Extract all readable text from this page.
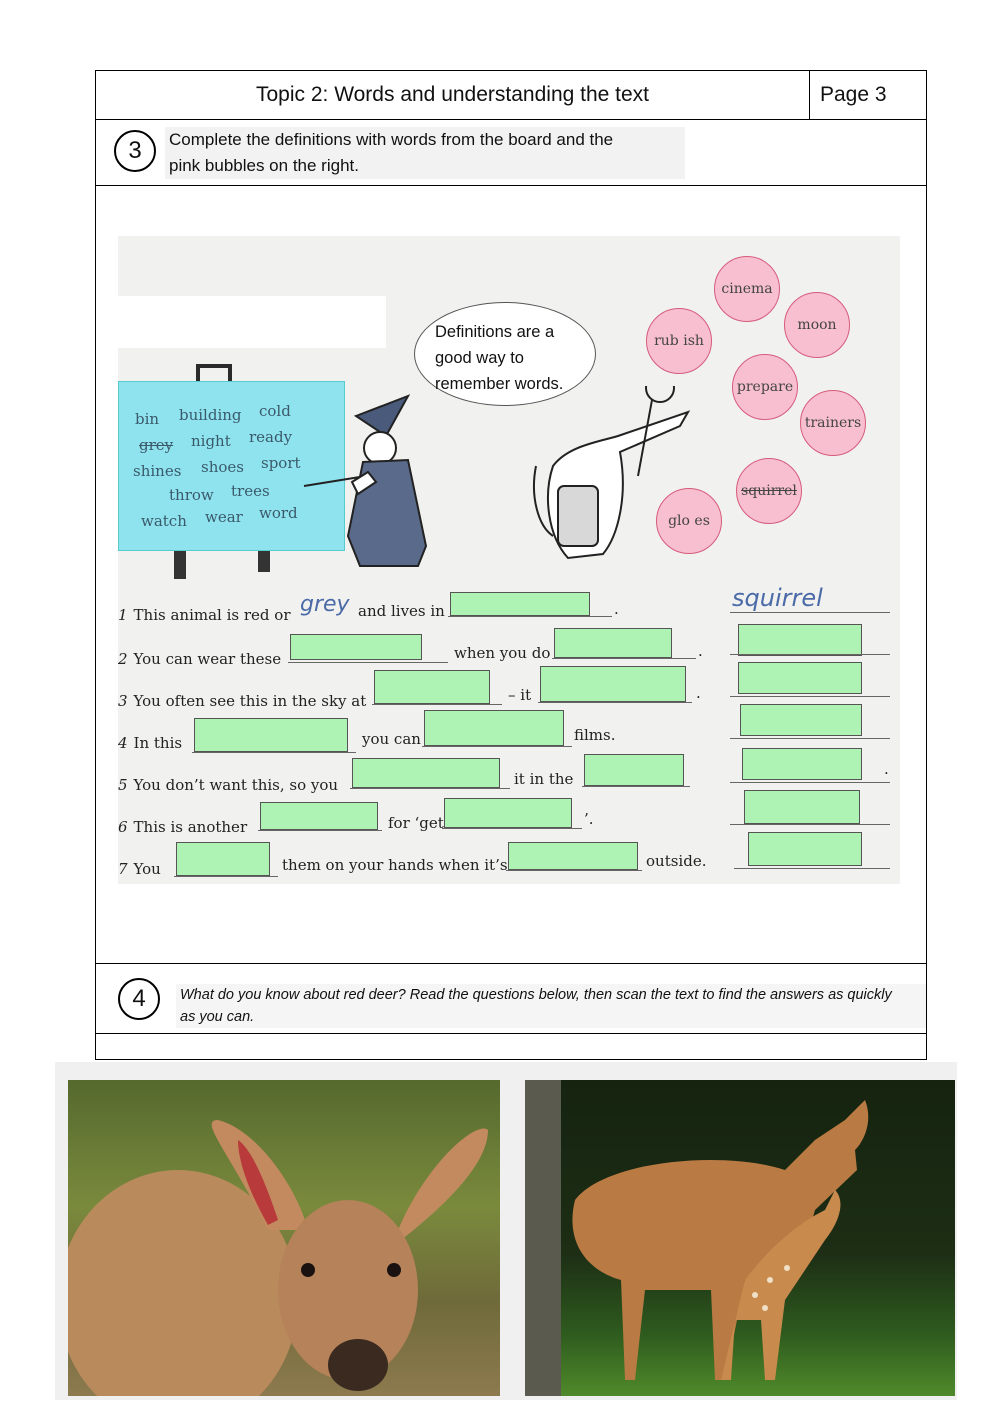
Topic 2: Words and understanding the text	Page 3
3	Complete the definitions with words from the board and the
pink bubbles on the right.
bin building cold
grey night ready
shines shoes sport
throw trees
watch wear word
Definitions are a
good way to
remember words.
cinema
moon
rub ish
prepare
trainers
squirrel
glo es
1 This animal is red or grey and lives in	.	squirrel
2 You can wear these	when you do	.
3 You often see this in the sky at	– it	.
4 In this	you can	films.
5 You don’t want this, so you	it in the
.
6 This is another	for ‘get	’.
7 You	them on your hands when it’s	outside.
4	What do you know about red deer? Read the questions below, then scan the text to find the answers as quickly
as you can.
